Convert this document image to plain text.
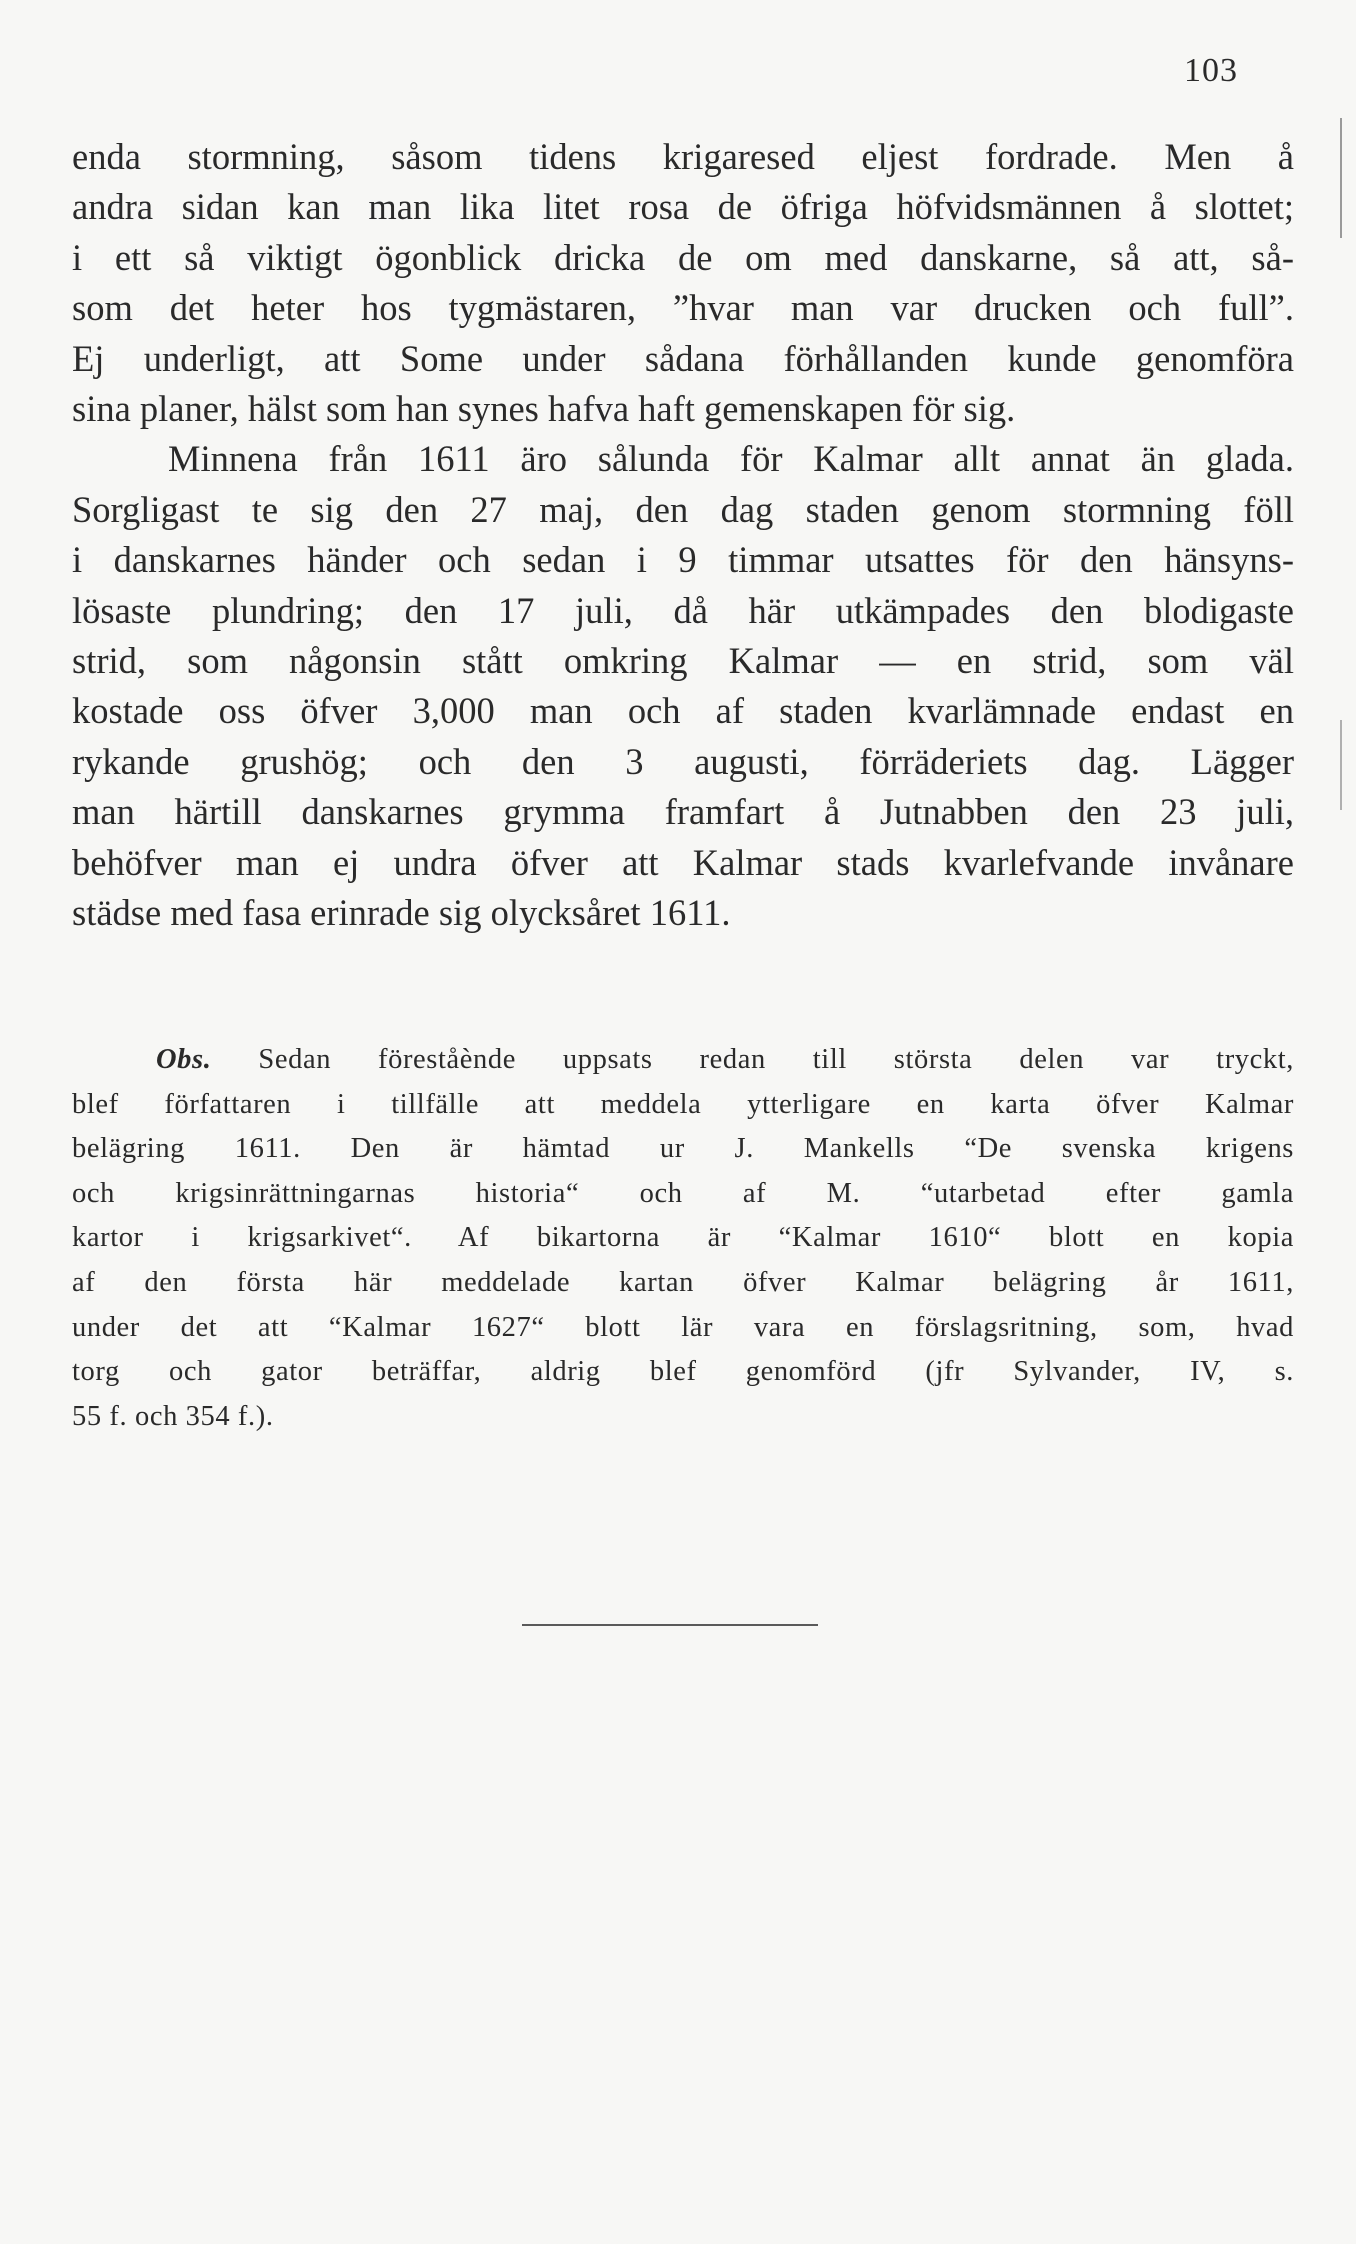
103
enda stormning, såsom tidens krigaresed eljest fordrade. Men å
andra sidan kan man lika litet rosa de öfriga höfvidsmännen å slottet;
i ett så viktigt ögonblick dricka de om med danskarne, så att, så-
som det heter hos tygmästaren, ”hvar man var drucken och full”.
Ej underligt, att Some under sådana förhållanden kunde genomföra
sina planer, hälst som han synes hafva haft gemenskapen för sig.
Minnena från 1611 äro sålunda för Kalmar allt annat än glada.
Sorgligast te sig den 27 maj, den dag staden genom stormning föll
i danskarnes händer och sedan i 9 timmar utsattes för den hänsyns-
lösaste plundring; den 17 juli, då här utkämpades den blodigaste
strid, som någonsin stått omkring Kalmar — en strid, som väl
kostade oss öfver 3,000 man och af staden kvarlämnade endast en
rykande grushög; och den 3 augusti, förräderiets dag. Lägger
man härtill danskarnes grymma framfart å Jutnabben den 23 juli,
behöfver man ej undra öfver att Kalmar stads kvarlefvande invånare
städse med fasa erinrade sig olycksåret 1611.
Obs. Sedan föreståènde uppsats redan till största delen var tryckt,
blef författaren i tillfälle att meddela ytterligare en karta öfver Kalmar
belägring 1611. Den är hämtad ur J. Mankells “De svenska krigens
och krigsinrättningarnas historia“ och af M. “utarbetad efter gamla
kartor i krigsarkivet“. Af bikartorna är “Kalmar 1610“ blott en kopia
af den första här meddelade kartan öfver Kalmar belägring år 1611,
under det att “Kalmar 1627“ blott lär vara en förslagsritning, som, hvad
torg och gator beträffar, aldrig blef genomförd (jfr Sylvander, IV, s.
55 f. och 354 f.).
